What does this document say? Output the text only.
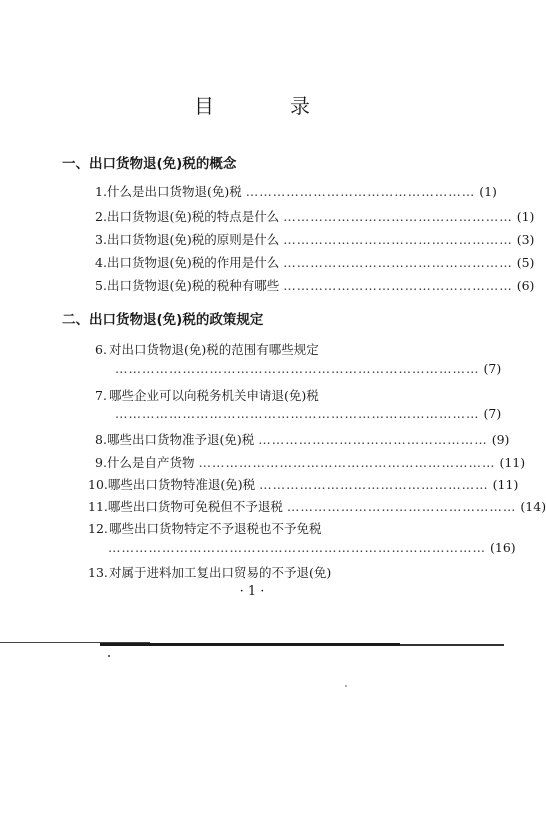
目　录
一、出口货物退(免)税的概念
1. 什么是出口货物退(免)税 …………………………………………… (1)
2. 出口货物退(免)税的特点是什么 …………………………………………… (1)
3. 出口货物退(免)税的原则是什么 …………………………………………… (3)
4. 出口货物退(免)税的作用是什么 …………………………………………… (5)
5. 出口货物退(免)税的税种有哪些 …………………………………………… (6)
二、出口货物退(免)税的政策规定
6. 对出口货物退(免)税的范围有哪些规定
……………………………………………………………………… (7)
7. 哪些企业可以向税务机关申请退(免)税
……………………………………………………………………… (7)
8. 哪些出口货物准予退(免)税 …………………………………………… (9)
9. 什么是自产货物 ………………………………………………………… (11)
10. 哪些出口货物特准退(免)税 …………………………………………… (11)
11. 哪些出口货物可免税但不予退税 …………………………………………… (14)
12. 哪些出口货物特定不予退税也不予免税
………………………………………………………………………… (16)
13. 对属于进料加工复出口贸易的不予退(免)
· 1 ·
